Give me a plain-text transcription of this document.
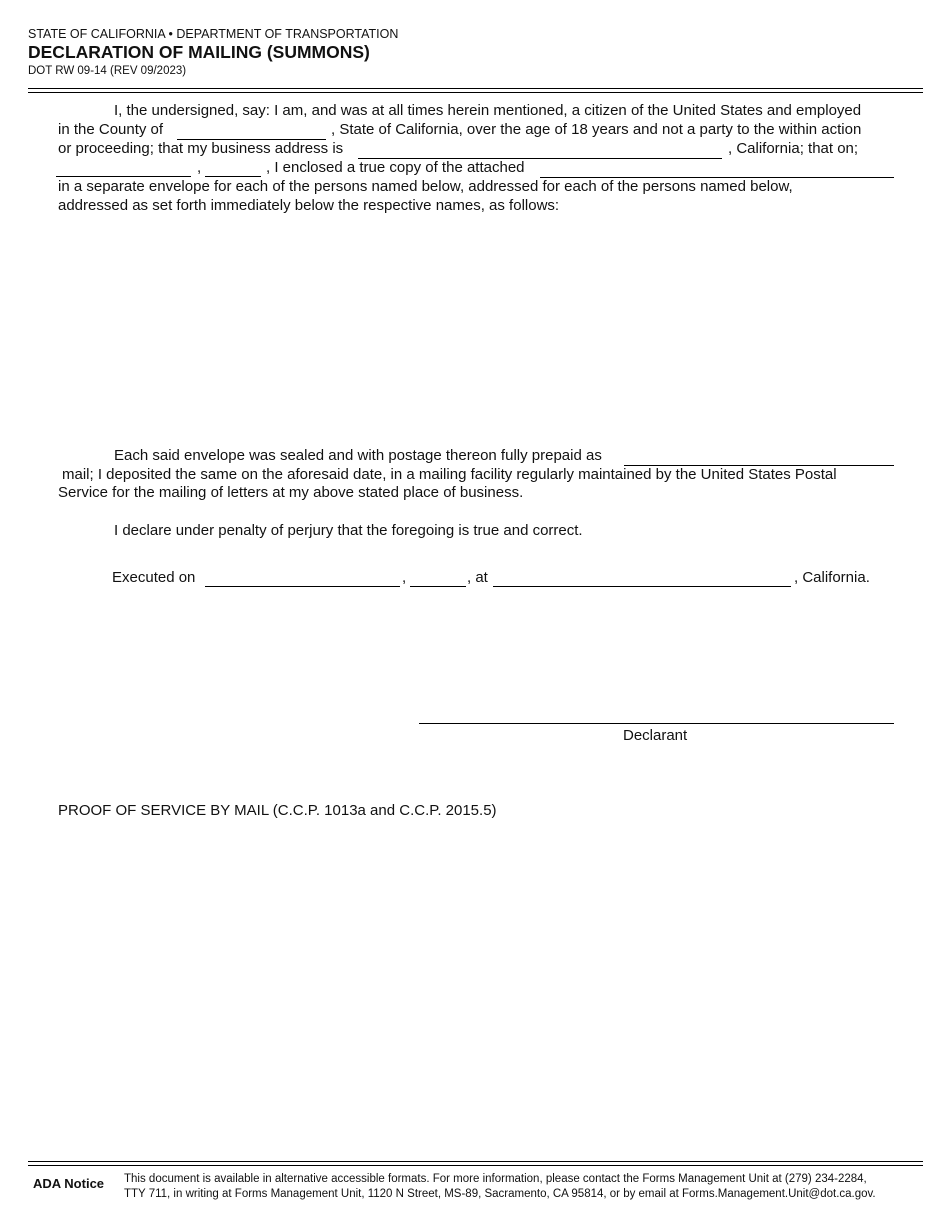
STATE OF CALIFORNIA • DEPARTMENT OF TRANSPORTATION
DECLARATION OF MAILING (SUMMONS)
DOT RW 09-14 (REV 09/2023)
I, the undersigned, say: I am, and was at all times herein mentioned, a citizen of the United States and employed
in the County of	, State of California, over the age of 18 years and not a party to the within action
or proceeding; that my business address is	, California; that on;
,	, I enclosed a true copy of the attached
in a separate envelope for each of the persons named below, addressed for each of the persons named below,
addressed as set forth immediately below the respective names, as follows:
Each said envelope was sealed and with postage thereon fully prepaid as
mail; I deposited the same on the aforesaid date, in a mailing facility regularly maintained by the United States Postal
Service for the mailing of letters at my above stated place of business.
I declare under penalty of perjury that the foregoing is true and correct.
Executed on	,	, at	, California.
Declarant
PROOF OF SERVICE BY MAIL (C.C.P. 1013a and C.C.P. 2015.5)
ADA Notice This document is available in alternative accessible formats. For more information, please contact the Forms Management Unit at (279) 234-2284,
TTY 711, in writing at Forms Management Unit, 1120 N Street, MS-89, Sacramento, CA 95814, or by email at Forms.Management.Unit@dot.ca.gov.
